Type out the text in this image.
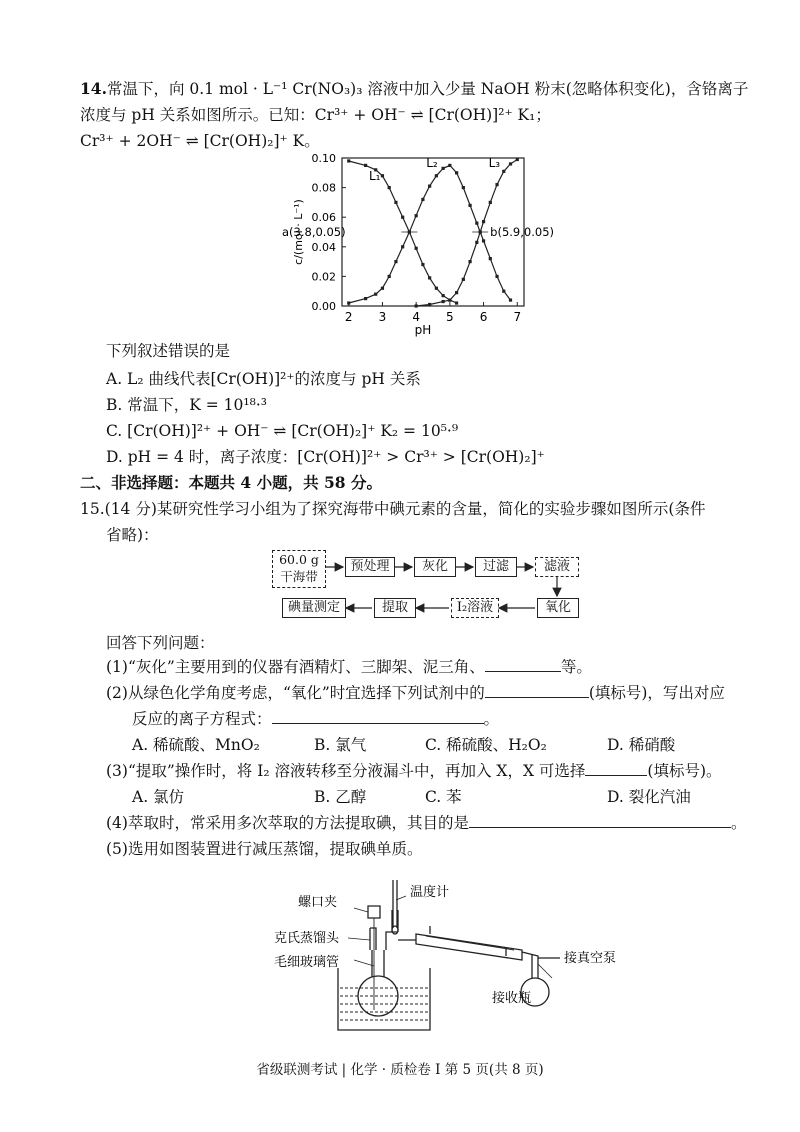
14.常温下，向 0.1 mol · L⁻¹ Cr(NO₃)₃ 溶液中加入少量 NaOH 粉末(忽略体积变化)，含铬离子
浓度与 pH 关系如图所示。已知：Cr³⁺ + OH⁻ ⇌ [Cr(OH)]²⁺ K₁；
Cr³⁺ + 2OH⁻ ⇌ [Cr(OH)₂]⁺ K。
0.00
0.02
0.04
0.06
0.08
0.10
2 3 4 5 6 7
pH
c/(mol · L⁻¹)
L₁
L₂	L₃
a(3.8,0.05)	b(5.9,0.05)
下列叙述错误的是
A. L₂ 曲线代表[Cr(OH)]²⁺的浓度与 pH 关系
B. 常温下，K = 10¹⁸·³
C. [Cr(OH)]²⁺ + OH⁻ ⇌ [Cr(OH)₂]⁺ K₂ = 10⁵·⁹
D. pH = 4 时，离子浓度：[Cr(OH)]²⁺ > Cr³⁺ > [Cr(OH)₂]⁺
二、非选择题：本题共 4 小题，共 58 分。
15.(14 分)某研究性学习小组为了探究海带中碘元素的含量，简化的实验步骤如图所示(条件
省略)：
60.0 g
干海带
预处理	灰化	过滤	滤液
氧化
I₂溶液
提取
碘量测定
回答下列问题：
(1)“灰化”主要用到的仪器有酒精灯、三脚架、泥三角、	等。
(2)从绿色化学角度考虑，“氧化”时宜选择下列试剂中的	(填标号)，写出对应
反应的离子方程式：	。
A. 稀硫酸、MnO₂	B. 氯气	C. 稀硫酸、H₂O₂	D. 稀硝酸
(3)“提取”操作时，将 I₂ 溶液转移至分液漏斗中，再加入 X，X 可选择	(填标号)。
A. 氯仿	B. 乙醇	C. 苯	D. 裂化汽油
(4)萃取时，常采用多次萃取的方法提取碘，其目的是	。
(5)选用如图装置进行减压蒸馏，提取碘单质。
螺口夹
温度计
克氏蒸馏头
毛细玻璃管	接真空泵
接收瓶
省级联测考试 | 化学 · 质检卷 Ⅰ 第 5 页(共 8 页)
